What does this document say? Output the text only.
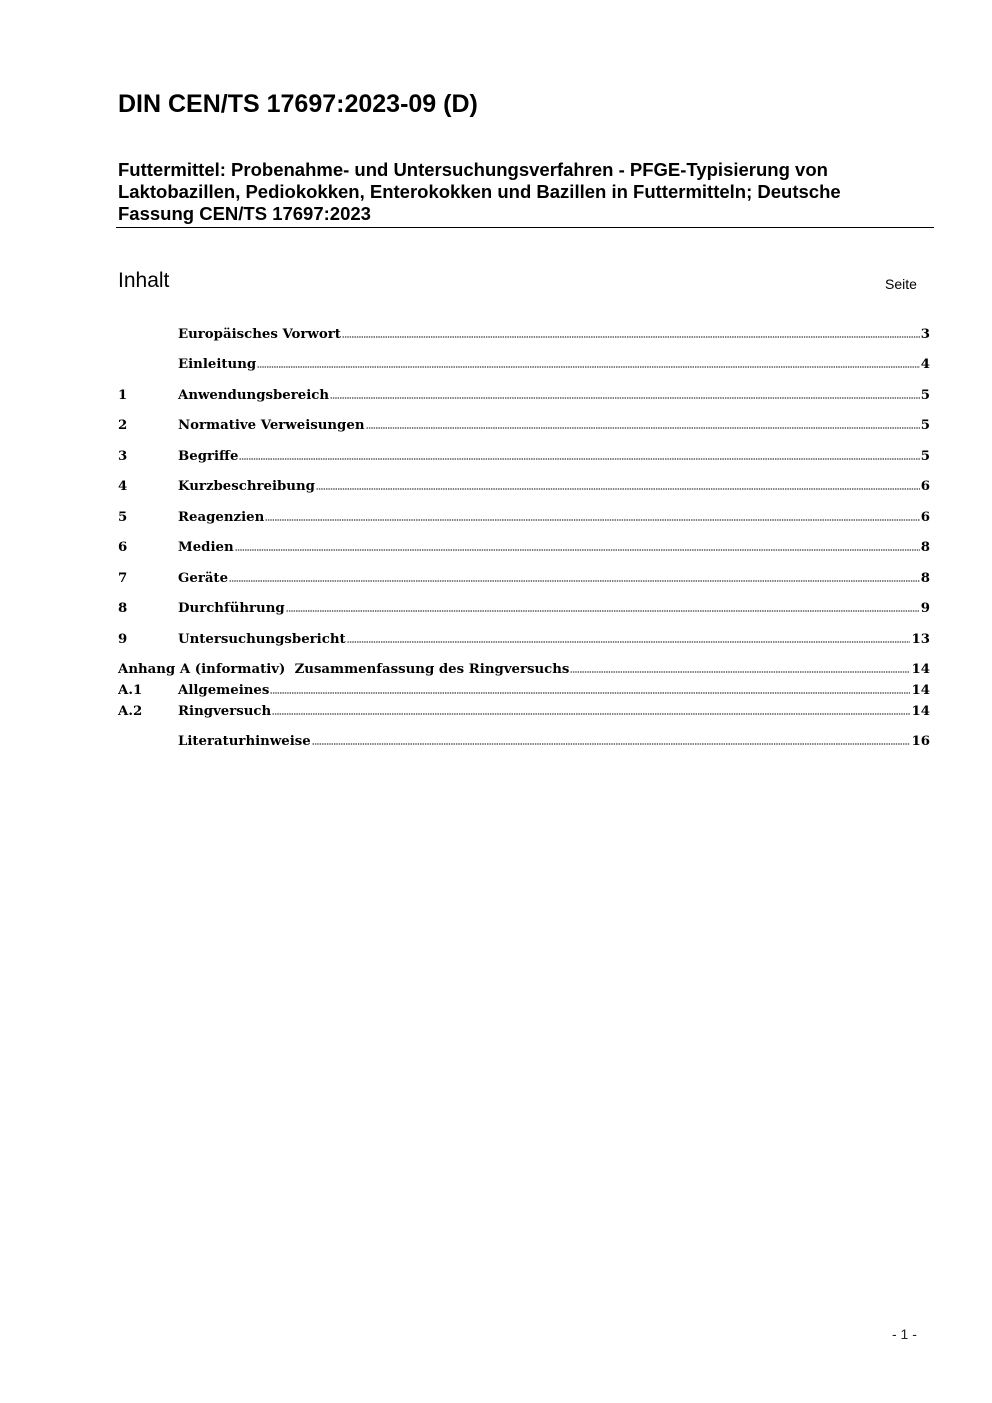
DIN CEN/TS 17697:2023-09 (D)
Futtermittel: Probenahme- und Untersuchungsverfahren - PFGE-Typisierung von
Laktobazillen, Pediokokken, Enterokokken und Bazillen in Futtermitteln; Deutsche
Fassung CEN/TS 17697:2023
Inhalt	Seite
Europäisches Vorwort	3
Einleitung	4
1	Anwendungsbereich	5
2	Normative Verweisungen	5
3	Begriffe	5
4	Kurzbeschreibung	6
5	Reagenzien	6
6	Medien	8
7	Geräte	8
8	Durchführung	9
9	Untersuchungsbericht	13
Anhang A (informativ)  Zusammenfassung des Ringversuchs	14
A.1	Allgemeines	14
A.2	Ringversuch	14
Literaturhinweise	16
- 1 -
